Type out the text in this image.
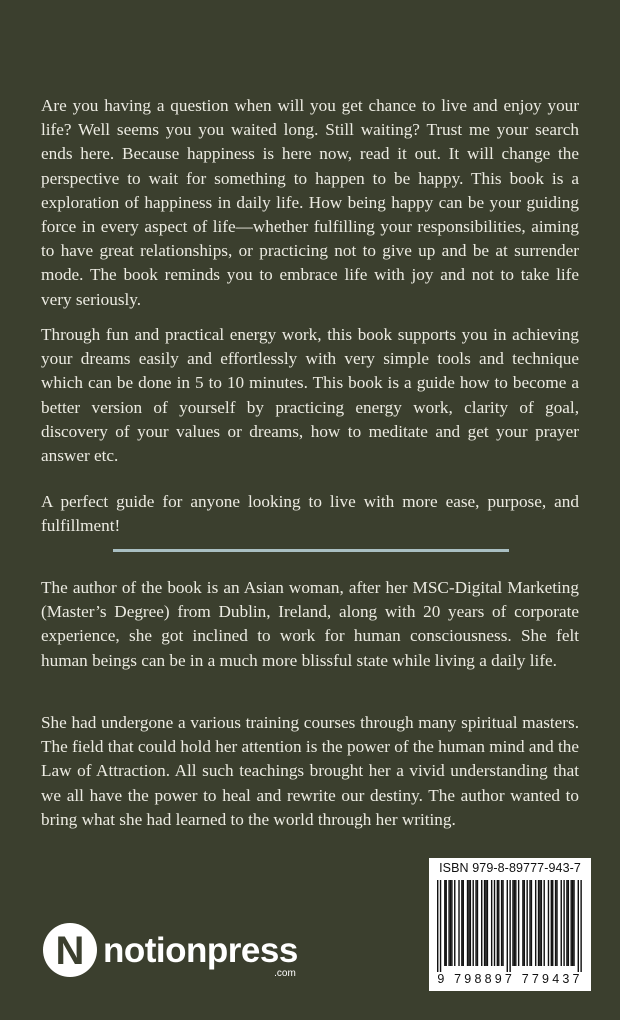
Are you having a question when will you get chance to live and enjoy your life? Well seems you you waited long. Still waiting? Trust me your search ends here. Because happiness is here now, read it out. It will change the perspective to wait for something to happen to be happy. This book is a exploration of happiness in daily life. How being happy can be your guiding force in every aspect of life—whether fulfilling your responsibilities, aiming to have great relationships, or practicing not to give up and be at surrender mode. The book reminds you to embrace life with joy and not to take life very seriously.

Through fun and practical energy work, this book supports you in achieving your dreams easily and effortlessly with very simple tools and technique which can be done in 5 to 10 minutes. This book is a guide how to become a better version of yourself by practicing energy work, clarity of goal, discovery of your values or dreams, how to meditate and get your prayer answer etc.

A perfect guide for anyone looking to live with more ease, purpose, and fulfillment!

The author of the book is an Asian woman, after her MSC-Digital Marketing (Master’s Degree) from Dublin, Ireland, along with 20 years of corporate experience, she got inclined to work for human consciousness. She felt human beings can be in a much more blissful state while living a daily life.

She had undergone a various training courses through many spiritual masters. The field that could hold her attention is the power of the human mind and the Law of Attraction. All such teachings brought her a vivid understanding that we all have the power to heal and rewrite our destiny. The author wanted to bring what she had learned to the world through her writing.

N notionpress
.com
ISBN 979-8-89777-943-7
9 798897 779437
